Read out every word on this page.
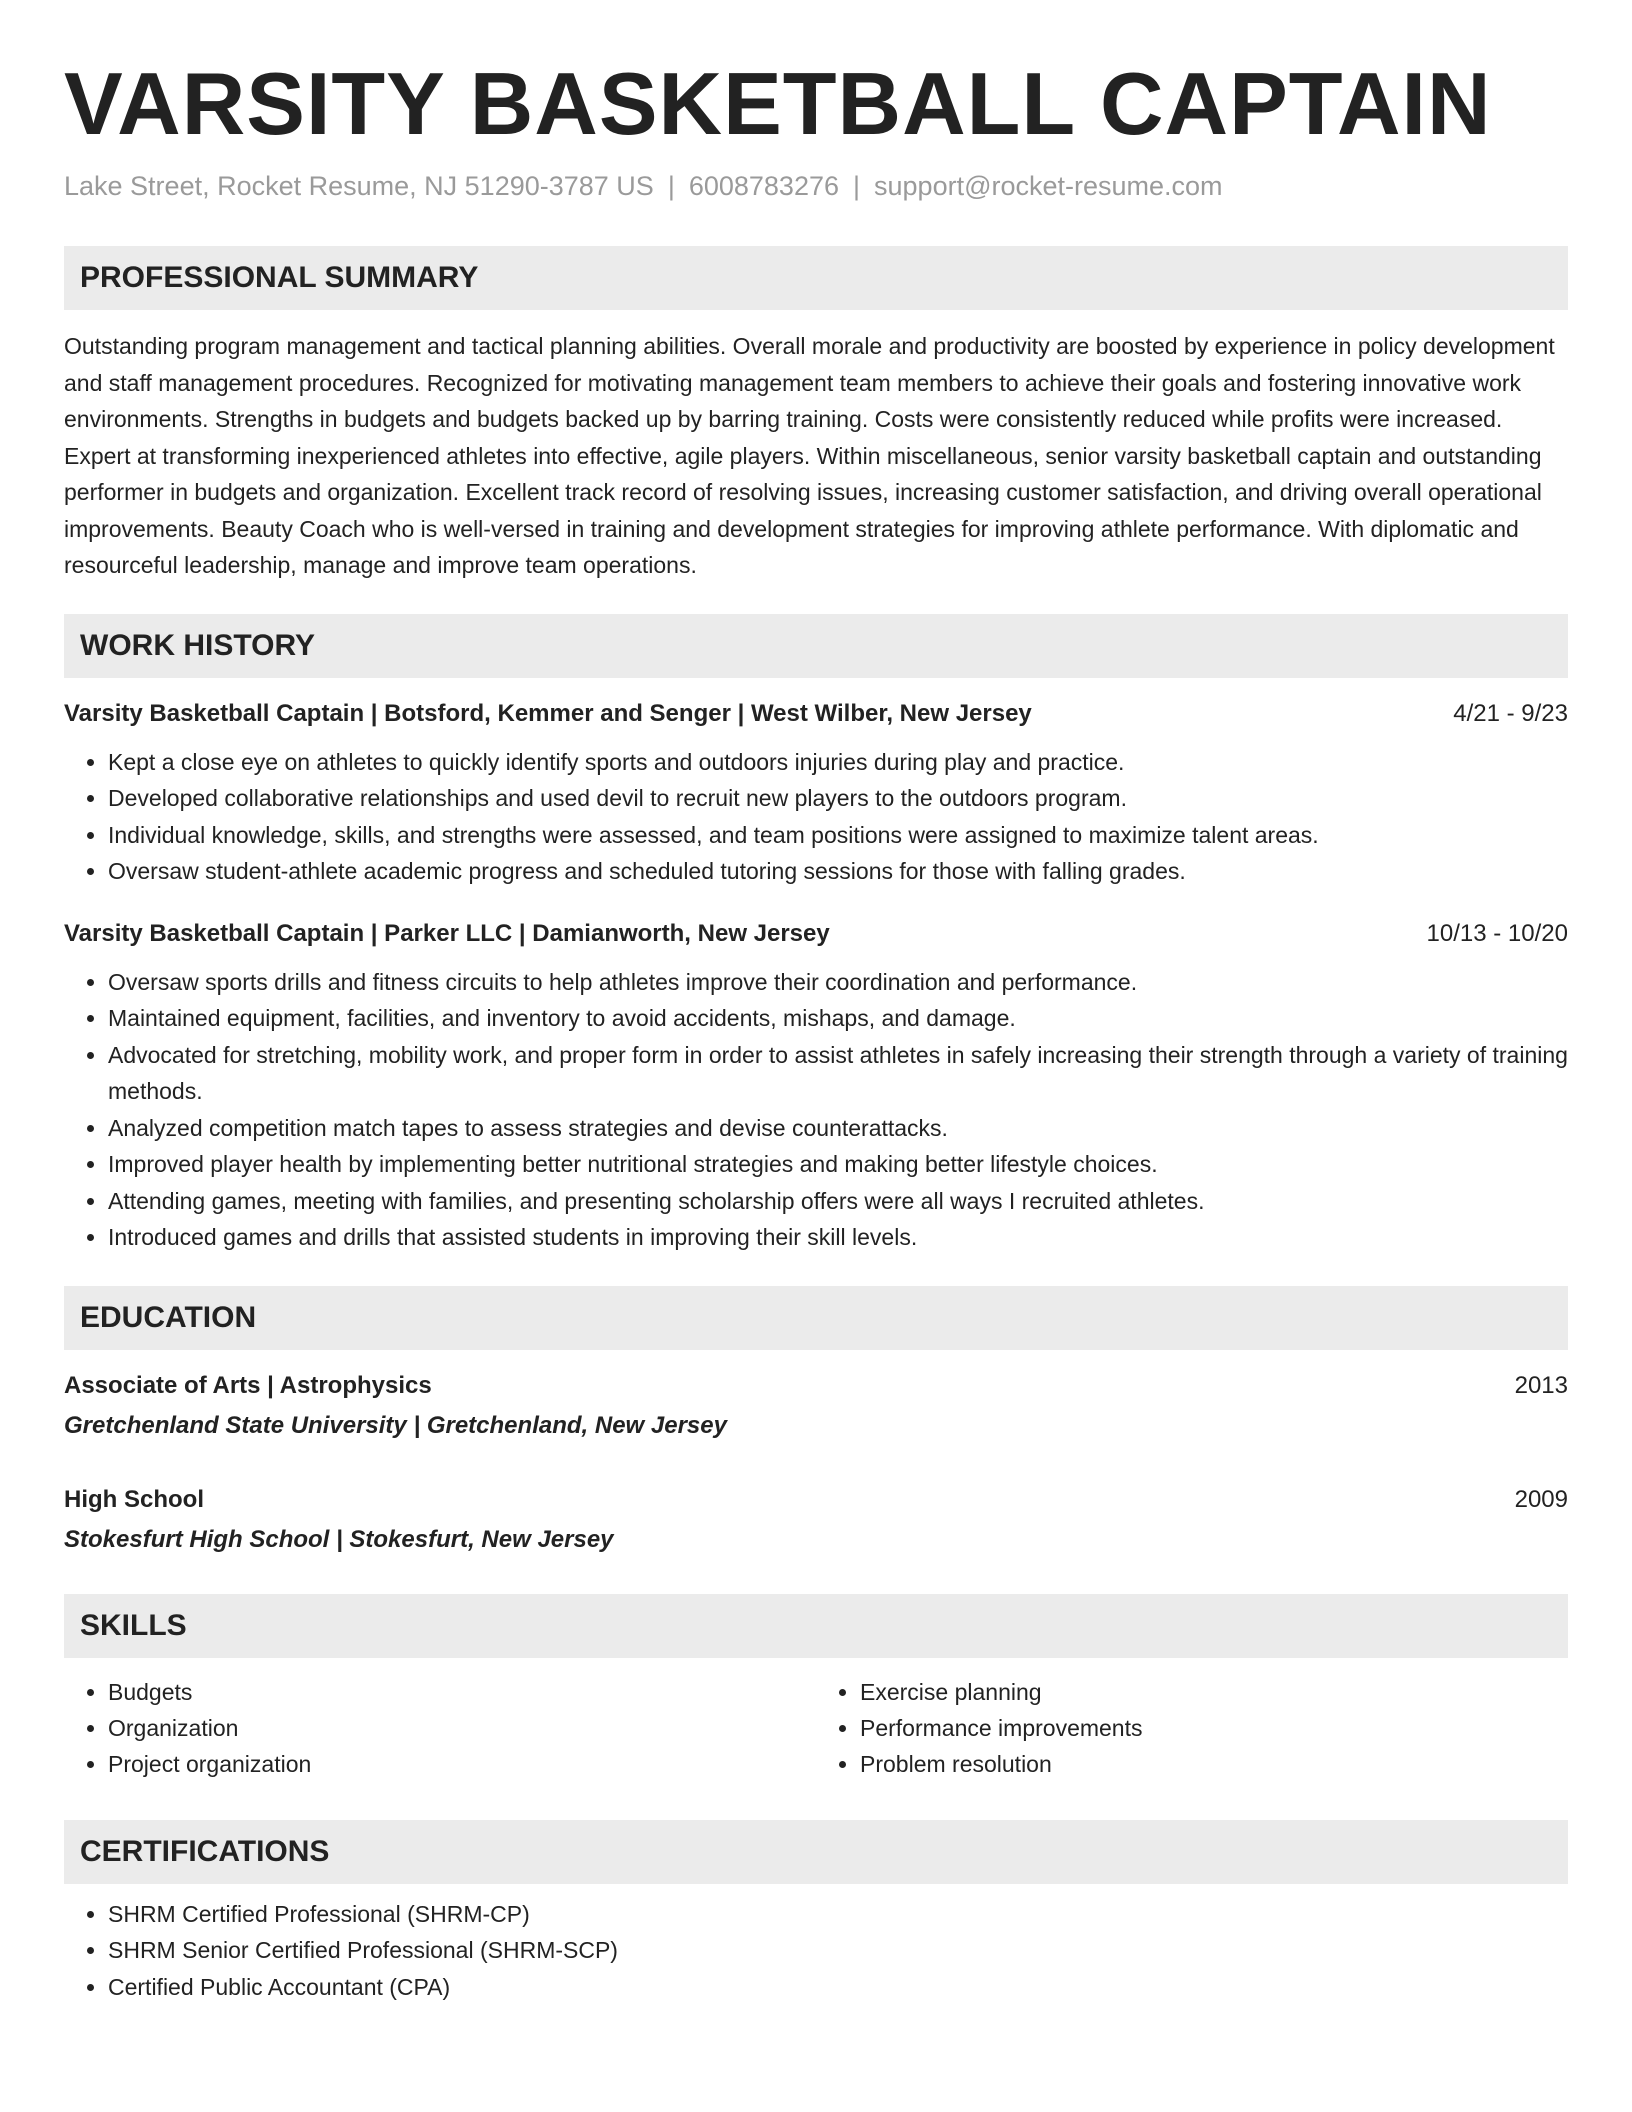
VARSITY BASKETBALL CAPTAIN
Lake Street, Rocket Resume, NJ 51290-3787 US | 6008783276 | support@rocket-resume.com
PROFESSIONAL SUMMARY
Outstanding program management and tactical planning abilities. Overall morale and productivity are boosted by experience in policy development and staff management procedures. Recognized for motivating management team members to achieve their goals and fostering innovative work environments. Strengths in budgets and budgets backed up by barring training. Costs were consistently reduced while profits were increased. Expert at transforming inexperienced athletes into effective, agile players. Within miscellaneous, senior varsity basketball captain and outstanding performer in budgets and organization. Excellent track record of resolving issues, increasing customer satisfaction, and driving overall operational improvements. Beauty Coach who is well-versed in training and development strategies for improving athlete performance. With diplomatic and resourceful leadership, manage and improve team operations.
WORK HISTORY
Varsity Basketball Captain | Botsford, Kemmer and Senger | West Wilber, New Jersey	4/21 - 9/23
• Kept a close eye on athletes to quickly identify sports and outdoors injuries during play and practice.
• Developed collaborative relationships and used devil to recruit new players to the outdoors program.
• Individual knowledge, skills, and strengths were assessed, and team positions were assigned to maximize talent areas.
• Oversaw student-athlete academic progress and scheduled tutoring sessions for those with falling grades.
Varsity Basketball Captain | Parker LLC | Damianworth, New Jersey	10/13 - 10/20
• Oversaw sports drills and fitness circuits to help athletes improve their coordination and performance.
• Maintained equipment, facilities, and inventory to avoid accidents, mishaps, and damage.
• Advocated for stretching, mobility work, and proper form in order to assist athletes in safely increasing their strength through a variety of training methods.
• Analyzed competition match tapes to assess strategies and devise counterattacks.
• Improved player health by implementing better nutritional strategies and making better lifestyle choices.
• Attending games, meeting with families, and presenting scholarship offers were all ways I recruited athletes.
• Introduced games and drills that assisted students in improving their skill levels.
EDUCATION
Associate of Arts | Astrophysics	2013
Gretchenland State University | Gretchenland, New Jersey
High School	2009
Stokesfurt High School | Stokesfurt, New Jersey
SKILLS
• Budgets
• Organization
• Project organization
• Exercise planning
• Performance improvements
• Problem resolution
CERTIFICATIONS
• SHRM Certified Professional (SHRM-CP)
• SHRM Senior Certified Professional (SHRM-SCP)
• Certified Public Accountant (CPA)
